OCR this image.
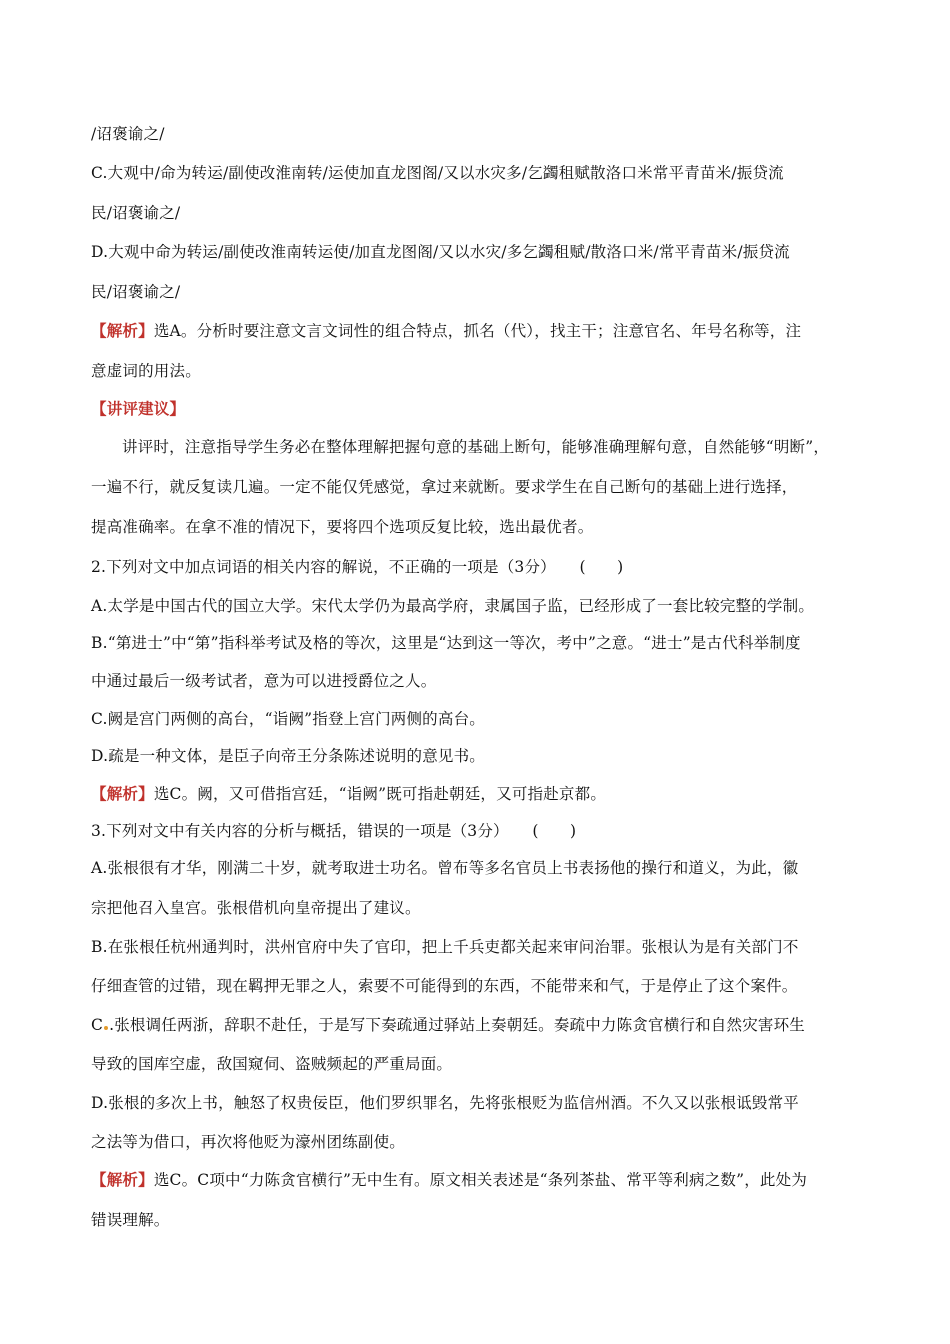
/诏褒谕之/
C.大观中/命为转运/副使改淮南转/运使加直龙图阁/又以水灾多/乞蠲租赋散洛口米常平青苗米/振贷流
民/诏褒谕之/
D.大观中命为转运/副使改淮南转运使/加直龙图阁/又以水灾/多乞蠲租赋/散洛口米/常平青苗米/振贷流
民/诏褒谕之/
【解析】选A。分析时要注意文言文词性的组合特点，抓名（代），找主干；注意官名、年号名称等，注
意虚词的用法。
【讲评建议】
讲评时，注意指导学生务必在整体理解把握句意的基础上断句，能够准确理解句意，自然能够“明断”，
一遍不行，就反复读几遍。一定不能仅凭感觉，拿过来就断。要求学生在自己断句的基础上进行选择，
提高准确率。在拿不准的情况下，要将四个选项反复比较，选出最优者。
2.下列对文中加点词语的相关内容的解说，不正确的一项是（3分）　　(　　)
A.太学是中国古代的国立大学。宋代太学仍为最高学府，隶属国子监，已经形成了一套比较完整的学制。
B.“第进士”中“第”指科举考试及格的等次，这里是“达到这一等次，考中”之意。“进士”是古代科举制度
中通过最后一级考试者，意为可以进授爵位之人。
C.阙是宫门两侧的高台，“诣阙”指登上宫门两侧的高台。
D.疏是一种文体，是臣子向帝王分条陈述说明的意见书。
【解析】选C。阙，又可借指宫廷，“诣阙”既可指赴朝廷，又可指赴京都。
3.下列对文中有关内容的分析与概括，错误的一项是（3分）　　(　　)
A.张根很有才华，刚满二十岁，就考取进士功名。曾布等多名官员上书表扬他的操行和道义，为此，徽
宗把他召入皇宫。张根借机向皇帝提出了建议。
B.在张根任杭州通判时，洪州官府中失了官印，把上千兵吏都关起来审问治罪。张根认为是有关部门不
仔细查管的过错，现在羁押无罪之人，索要不可能得到的东西，不能带来和气，于是停止了这个案件。
C .张根调任两浙，辞职不赴任，于是写下奏疏通过驿站上奏朝廷。奏疏中力陈贪官横行和自然灾害环生
导致的国库空虚，敌国窥伺、盗贼频起的严重局面。
D.张根的多次上书，触怒了权贵佞臣，他们罗织罪名，先将张根贬为监信州酒。不久又以张根诋毁常平
之法等为借口，再次将他贬为濠州团练副使。
【解析】选C。C项中“力陈贪官横行”无中生有。原文相关表述是“条列茶盐、常平等利病之数”，此处为
错误理解。
